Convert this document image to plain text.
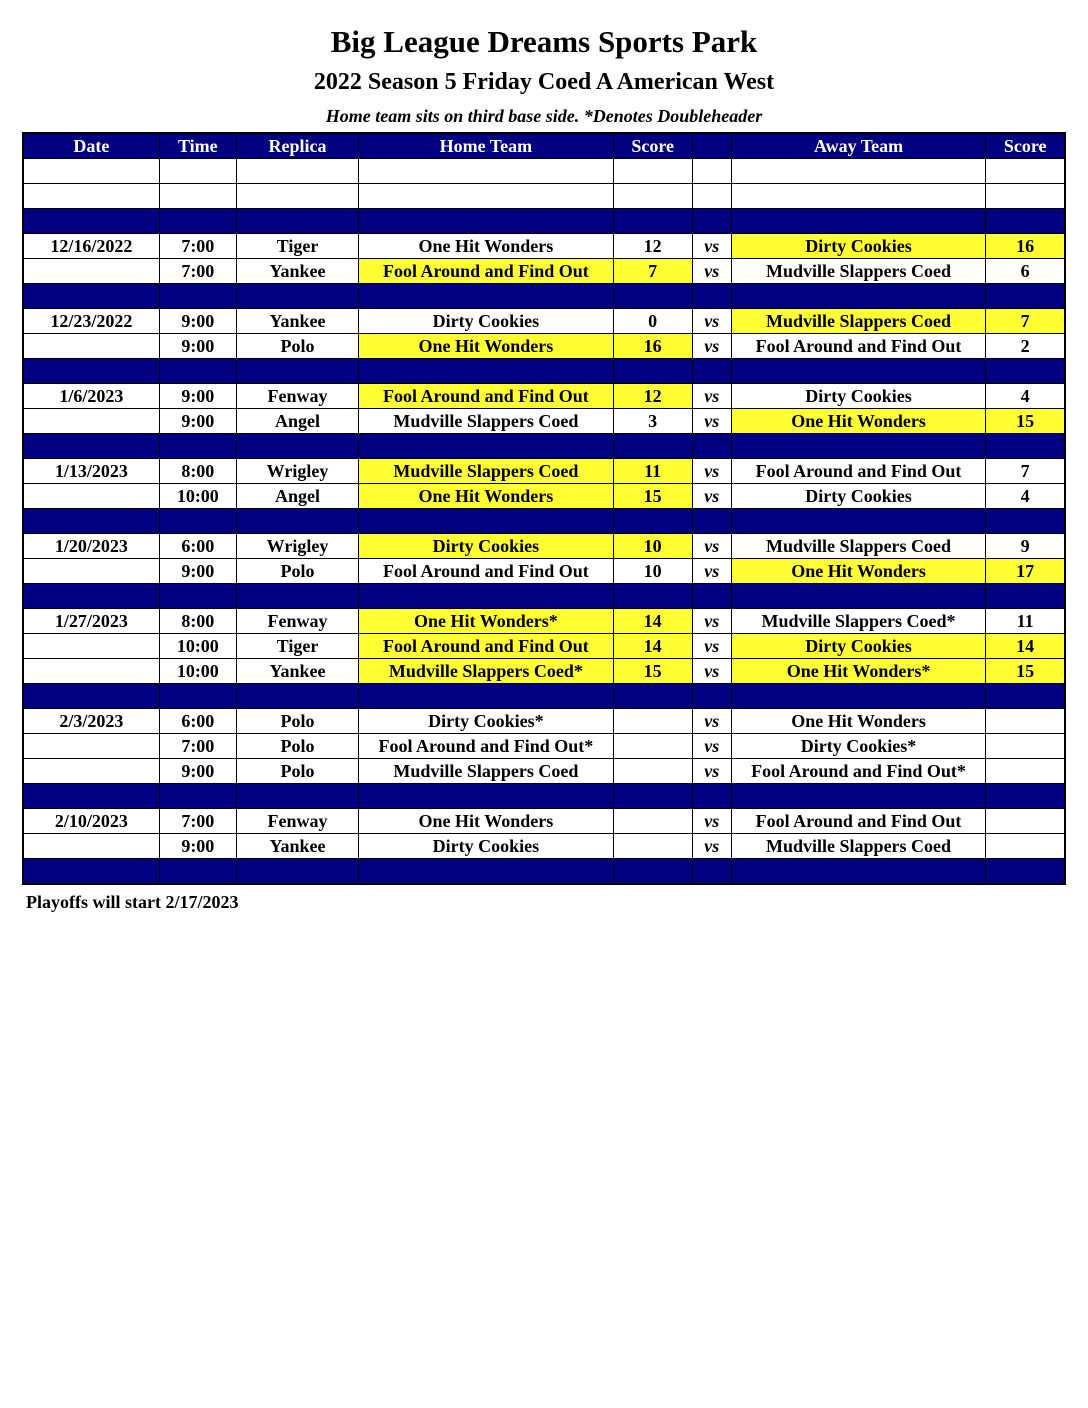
Big League Dreams Sports Park
2022 Season 5 Friday Coed A American West
Home team sits on third base side. *Denotes Doubleheader
Date	Time	Replica	Home Team	Score		Away Team	Score

12/16/2022	7:00	Tiger	One Hit Wonders	12	vs	Dirty Cookies	16
	7:00	Yankee	Fool Around and Find Out	7	vs	Mudville Slappers Coed	6

12/23/2022	9:00	Yankee	Dirty Cookies	0	vs	Mudville Slappers Coed	7
	9:00	Polo	One Hit Wonders	16	vs	Fool Around and Find Out	2

1/6/2023	9:00	Fenway	Fool Around and Find Out	12	vs	Dirty Cookies	4
	9:00	Angel	Mudville Slappers Coed	3	vs	One Hit Wonders	15

1/13/2023	8:00	Wrigley	Mudville Slappers Coed	11	vs	Fool Around and Find Out	7
	10:00	Angel	One Hit Wonders	15	vs	Dirty Cookies	4

1/20/2023	6:00	Wrigley	Dirty Cookies	10	vs	Mudville Slappers Coed	9
	9:00	Polo	Fool Around and Find Out	10	vs	One Hit Wonders	17

1/27/2023	8:00	Fenway	One Hit Wonders*	14	vs	Mudville Slappers Coed*	11
	10:00	Tiger	Fool Around and Find Out	14	vs	Dirty Cookies	14
	10:00	Yankee	Mudville Slappers Coed*	15	vs	One Hit Wonders*	15

2/3/2023	6:00	Polo	Dirty Cookies*		vs	One Hit Wonders	
	7:00	Polo	Fool Around and Find Out*		vs	Dirty Cookies*	
	9:00	Polo	Mudville Slappers Coed		vs	Fool Around and Find Out*	

2/10/2023	7:00	Fenway	One Hit Wonders		vs	Fool Around and Find Out	
	9:00	Yankee	Dirty Cookies		vs	Mudville Slappers Coed	

Playoffs will start 2/17/2023
